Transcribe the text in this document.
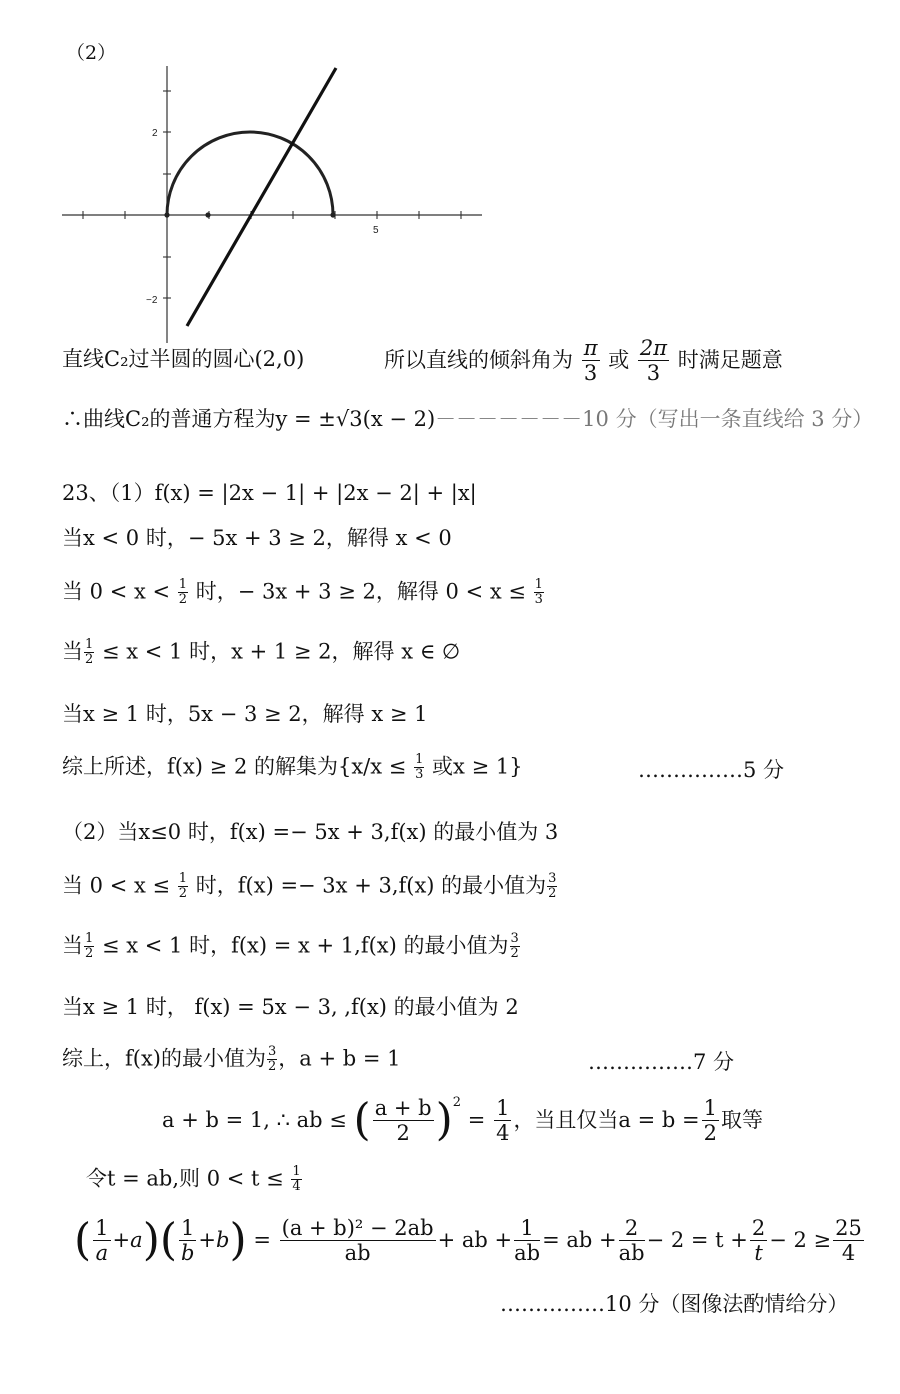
（2）
2
−2
5
直线C₂过半圆的圆心(2,0)	所以直线的倾斜角为 $\frac{\pi}{3}$ 或 $\frac{2\pi}{3}$ 时满足题意
∴曲线C₂的普通方程为y = ±√3(x − 2)－－－－－－－10 分（写出一条直线给 3 分）
23、（1）f(x) = |2x − 1| + |2x − 2| + |x|
当x < 0 时，− 5x + 3 ≥ 2，解得 x < 0
当 $0 < x < \frac{1}{2}$ 时，− 3x + 3 ≥ 2，解得 $0 < x \le \frac{1}{3}$
当 $\frac{1}{2} \le x < 1$ 时，x + 1 ≥ 2，解得 x ∈ ∅
当x ≥ 1 时，5x − 3 ≥ 2，解得 x ≥ 1
综上所述，f(x) ≥ 2 的解集为{$x/x \le \frac{1}{3}$ 或x ≥ 1}	……………5 分
（2）当x≤0 时，f(x) =− 5x + 3,f(x) 的最小值为 3
当 $0 < x \le \frac{1}{2}$ 时，f(x) =− 3x + 3,f(x) 的最小值为 $\frac{3}{2}$
当 $\frac{1}{2} \le x < 1$ 时，f(x) = x + 1,f(x) 的最小值为 $\frac{3}{2}$
当x ≥ 1 时， f(x) = 5x − 3, ,f(x) 的最小值为 2
综上，f(x)的最小值为 $\frac{3}{2}$ ，a + b = 1	……………7 分
a + b = 1, ∴ ab ≤ ( $\frac{a + b}{2} )^2 = \frac{1}{4}$ ，当且仅当$a = b = \frac{1}{2}$ 取等
令t = ab,则 $0 < t \le \frac{1}{4}$
( $\frac{1}{a} +a)( \frac{1}{b} +b) = \frac{\text{(a + b)² − 2ab}}{ab}$ + ab + $\frac{1}{ab}$ = ab + $\frac{2}{ab} - 2 = t + \frac{2}{t} - 2 \ge \frac{25}{4}$
……………10 分（图像法酌情给分）
